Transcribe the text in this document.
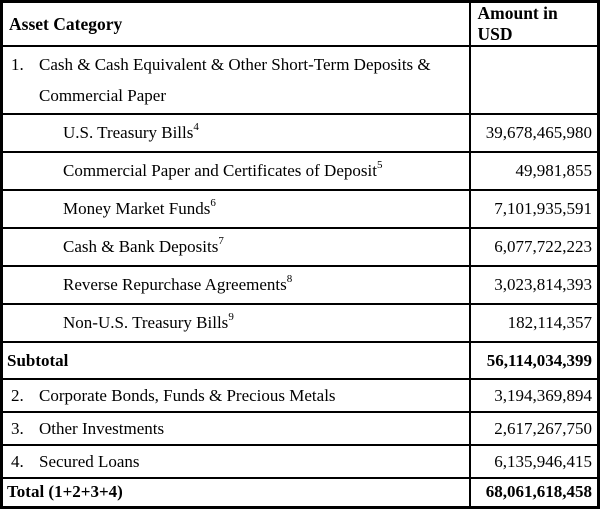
Asset Category	Amount in USD
1. Cash & Cash Equivalent & Other Short-Term Deposits & Commercial Paper	
U.S. Treasury Bills$^4$	39,678,465,980
Commercial Paper and Certificates of Deposit$^5$	49,981,855
Money Market Funds$^6$	7,101,935,591
Cash & Bank Deposits$^7$	6,077,722,223
Reverse Repurchase Agreements$^8$	3,023,814,393
Non-U.S. Treasury Bills$^9$	182,114,357
Subtotal	56,114,034,399
2. Corporate Bonds, Funds & Precious Metals	3,194,369,894
3. Other Investments	2,617,267,750
4. Secured Loans	6,135,946,415
Total (1+2+3+4)	68,061,618,458
